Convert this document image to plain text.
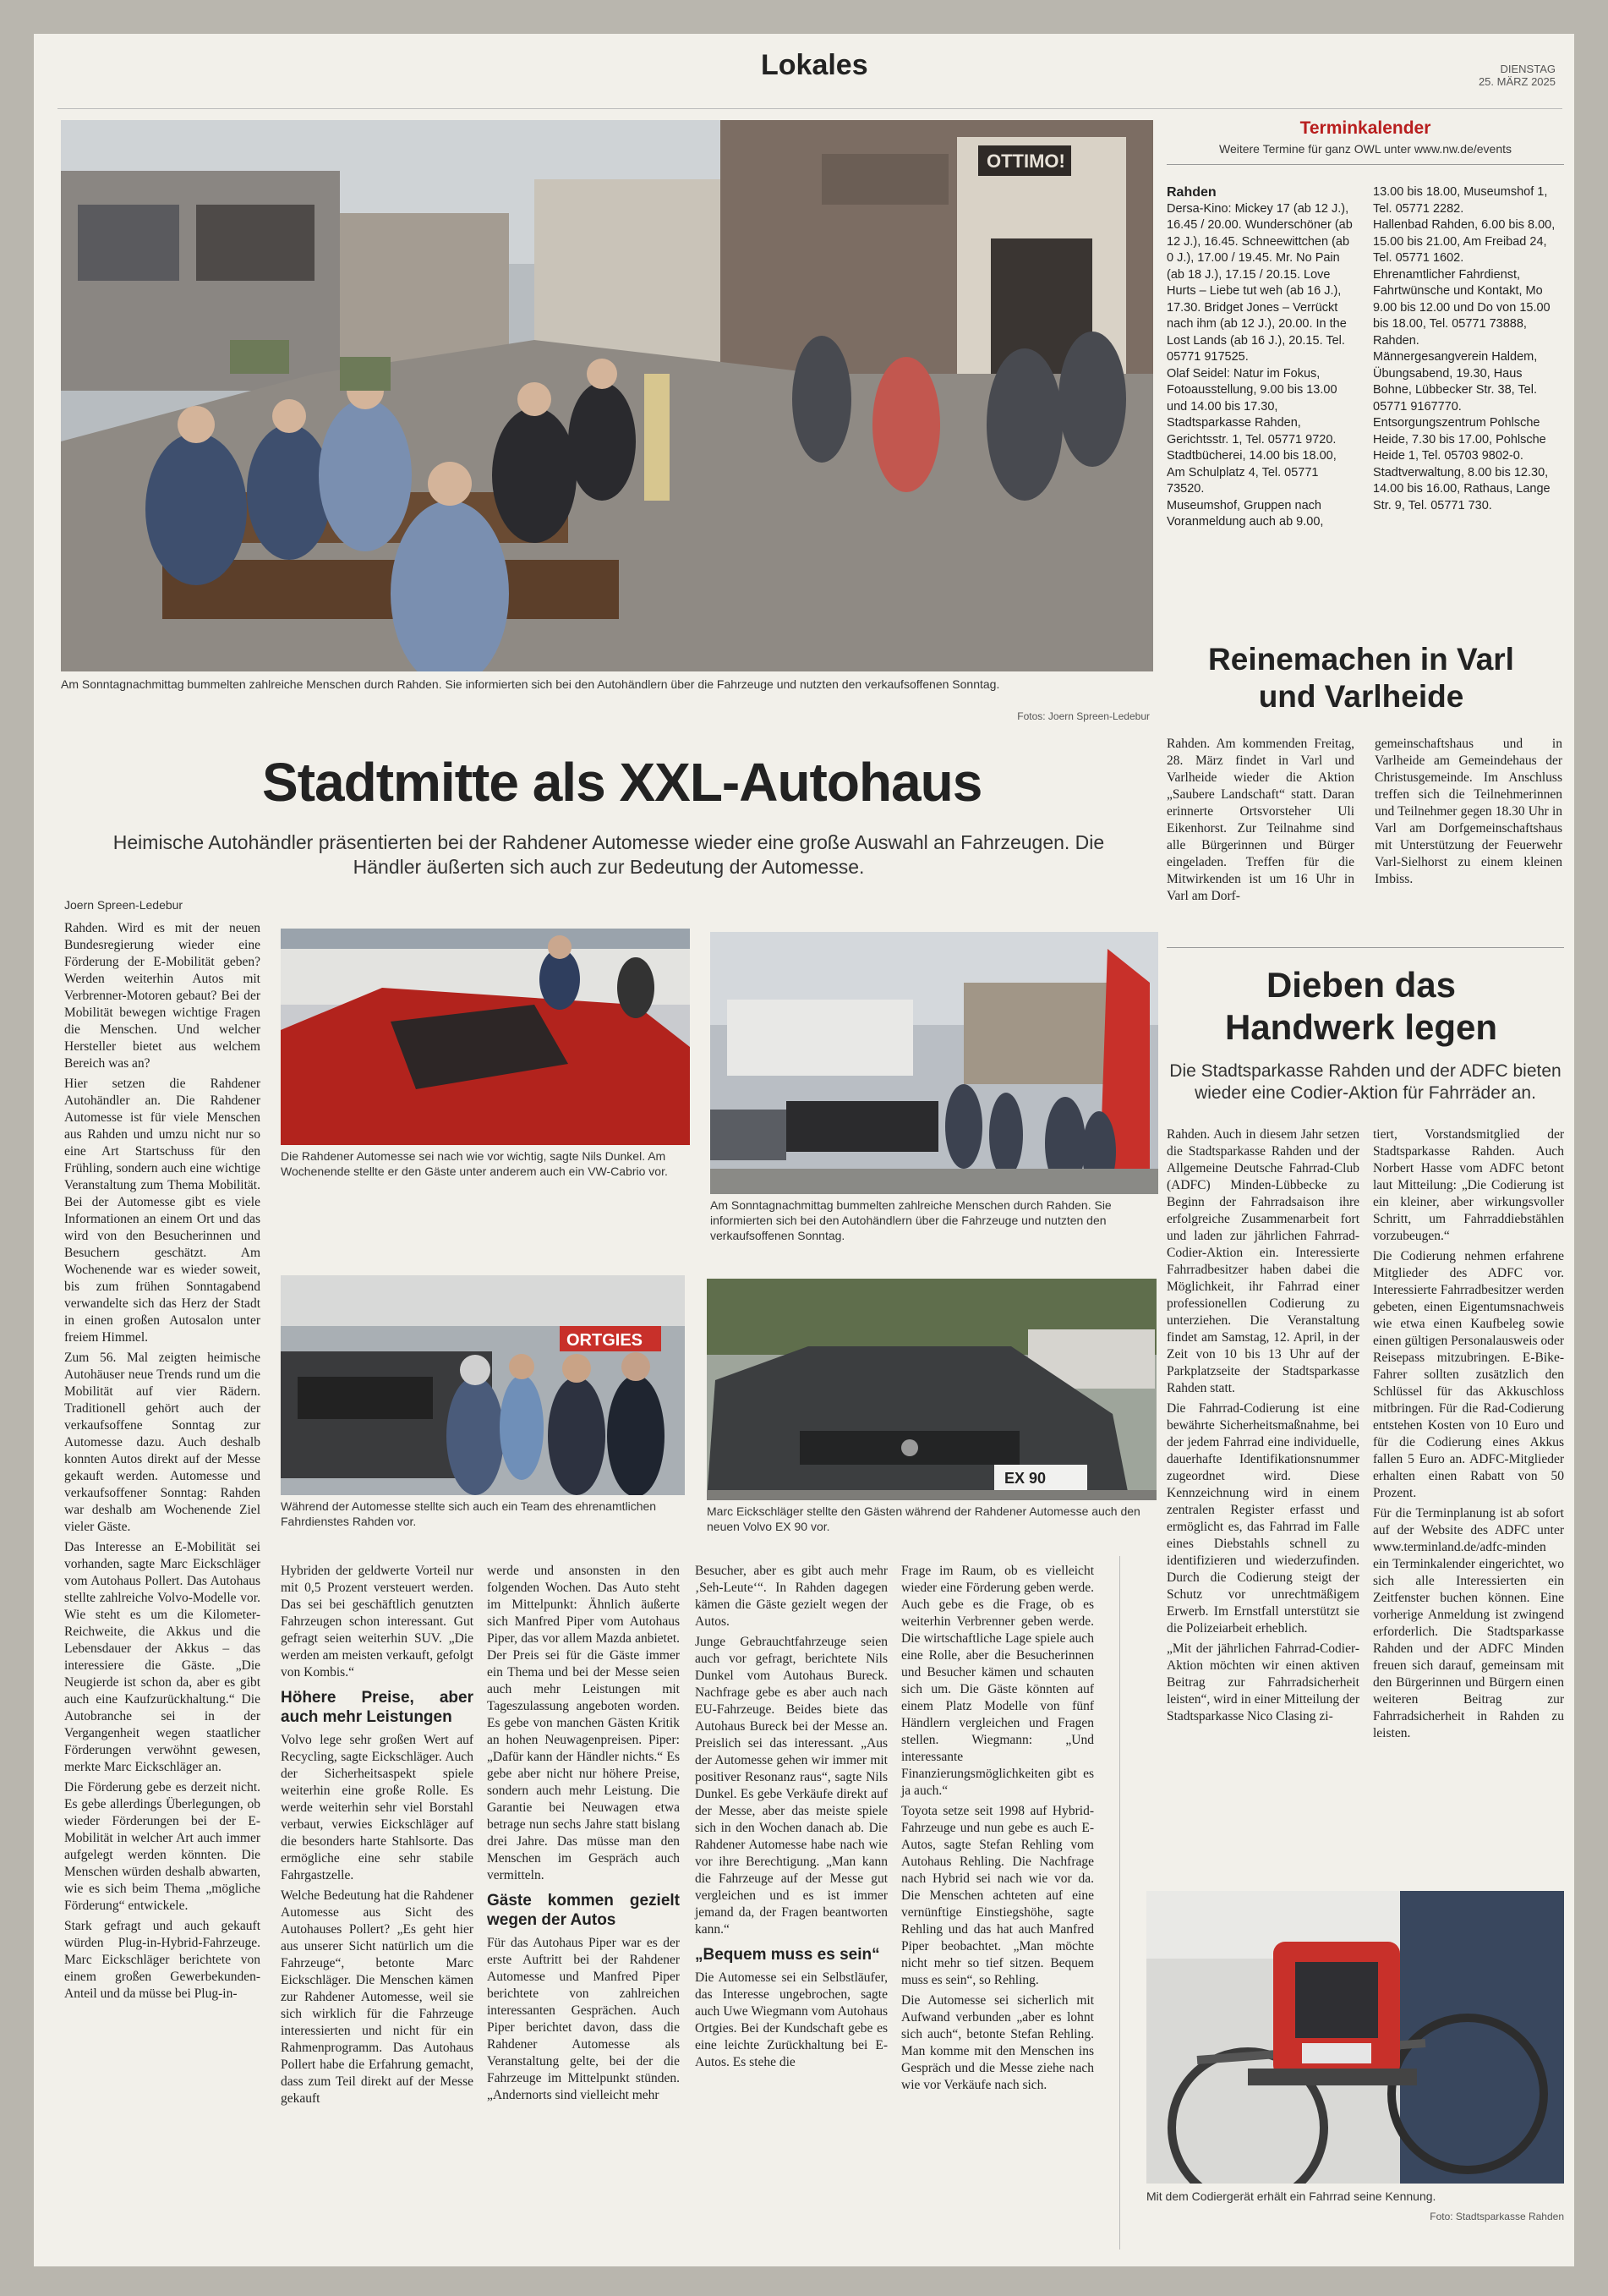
Lokales	DIENSTAG
25. MÄRZ 2025
OTTIMO!
Am Sonntagnachmittag bummelten zahlreiche Menschen durch Rahden. Sie informierten sich bei den Autohändlern über die Fahrzeuge und nutzten den verkaufsoffenen Sonntag.
Fotos: Joern Spreen-Ledebur
Stadtmitte als XXL-Autohaus
Heimische Autohändler präsentierten bei der Rahdener Automesse wieder eine große Auswahl an Fahrzeugen. Die Händler äußerten sich auch zur Bedeutung der Automesse.
Joern Spreen-Ledebur

Rahden. Wird es mit der neuen Bundesregierung wieder eine Förderung der E-Mobilität geben? Werden weiterhin Autos mit Verbrenner-Motoren gebaut? Bei der Mobilität bewegen wichtige Fragen die Menschen. Und welcher Hersteller bietet aus welchem Bereich was an?

Hier setzen die Rahdener Autohändler an. Die Rahdener Automesse ist für viele Menschen aus Rahden und umzu nicht nur so eine Art Startschuss für den Frühling, sondern auch eine wichtige Veranstaltung zum Thema Mobilität. Bei der Automesse gibt es viele Informationen an einem Ort und das wird von den Besucherinnen und Besuchern geschätzt. Am Wochenende war es wieder soweit, bis zum frühen Sonntagabend verwandelte sich das Herz der Stadt in einen großen Autosalon unter freiem Himmel.

Zum 56. Mal zeigten heimische Autohäuser neue Trends rund um die Mobilität auf vier Rädern. Traditionell gehört auch der verkaufsoffene Sonntag zur Automesse dazu. Auch deshalb konnten Autos direkt auf der Messe gekauft werden. Automesse und verkaufsoffener Sonntag: Rahden war deshalb am Wochenende Ziel vieler Gäste.

Das Interesse an E-Mobilität sei vorhanden, sagte Marc Eickschläger vom Autohaus Pollert. Das Autohaus stellte zahlreiche Volvo-Modelle vor. Wie steht es um die Kilometer-Reichweite, die Akkus und die Lebensdauer der Akkus – das interessiere die Gäste. „Die Neugierde ist schon da, aber es gibt auch eine Kaufzurückhaltung.“ Die Autobranche sei in der Vergangenheit wegen staatlicher Förderungen verwöhnt gewesen, merkte Marc Eickschläger an.

Die Förderung gebe es derzeit nicht. Es gebe allerdings Überlegungen, ob wieder Förderungen bei der E-Mobilität in welcher Art auch immer aufgelegt werden könnten. Die Menschen würden deshalb abwarten, wie es sich beim Thema „mögliche Förderung“ entwickele.

Stark gefragt und auch gekauft würden Plug-in-Hybrid-Fahrzeuge. Marc Eickschläger berichtete von einem großen Gewerbekunden-Anteil und da müsse bei Plug-in-

Die Rahdener Automesse sei nach wie vor wichtig, sagte Nils Dunkel. Am Wochenende stellte er den Gäste unter anderem auch ein VW-Cabrio vor.
Am Sonntagnachmittag bummelten zahlreiche Menschen durch Rahden. Sie informierten sich bei den Autohändlern über die Fahrzeuge und nutzten den verkaufsoffenen Sonntag.
ORTGIES
Während der Automesse stellte sich auch ein Team des ehrenamtlichen Fahrdienstes Rahden vor.
EX 90
Marc Eickschläger stellte den Gästen während der Rahdener Automesse auch den neuen Volvo EX 90 vor.

Hybriden der geldwerte Vorteil nur mit 0,5 Prozent versteuert werden. Das sei bei geschäftlich genutzten Fahrzeugen schon interessant. Gut gefragt seien weiterhin SUV. „Die werden am meisten verkauft, gefolgt von Kombis.“

Höhere Preise, aber auch mehr Leistungen

Volvo lege sehr großen Wert auf Recycling, sagte Eickschläger. Auch der Sicherheitsaspekt spiele weiterhin eine große Rolle. Es werde weiterhin sehr viel Borstahl verbaut, verwies Eickschläger auf die besonders harte Stahlsorte. Das ermögliche eine sehr stabile Fahrgastzelle.

Welche Bedeutung hat die Rahdener Automesse aus Sicht des Autohauses Pollert? „Es geht hier aus unserer Sicht natürlich um die Fahrzeuge“, betonte Marc Eickschläger. Die Menschen kämen zur Rahdener Automesse, weil sie sich wirklich für die Fahrzeuge interessierten und nicht für ein Rahmenprogramm. Das Autohaus Pollert habe die Erfahrung gemacht, dass zum Teil direkt auf der Messe gekauft

werde und ansonsten in den folgenden Wochen. Das Auto steht im Mittelpunkt: Ähnlich äußerte sich Manfred Piper vom Autohaus Piper, das vor allem Mazda anbietet. Der Preis sei für die Gäste immer ein Thema und bei der Messe seien auch mehr Leistungen mit Tageszulassung angeboten worden. Es gebe von manchen Gästen Kritik an hohen Neuwagenpreisen. Piper: „Dafür kann der Händler nichts.“ Es gebe aber nicht nur höhere Preise, sondern auch mehr Leistung. Die Garantie bei Neuwagen etwa betrage nun sechs Jahre statt bislang drei Jahre. Das müsse man den Menschen im Gespräch auch vermitteln.

Gäste kommen gezielt wegen der Autos

Für das Autohaus Piper war es der erste Auftritt bei der Rahdener Automesse und Manfred Piper berichtete von zahlreichen interessanten Gesprächen. Auch Piper berichtet davon, dass die Rahdener Automesse als Veranstaltung gelte, bei der die Fahrzeuge im Mittelpunkt stünden. „Andernorts sind vielleicht mehr

Besucher, aber es gibt auch mehr ‚Seh-Leute‘“. In Rahden dagegen kämen die Gäste gezielt wegen der Autos.

Junge Gebrauchtfahrzeuge seien auch vor gefragt, berichtete Nils Dunkel vom Autohaus Bureck. Nachfrage gebe es aber auch nach EU-Fahrzeuge. Beides biete das Autohaus Bureck bei der Messe an. Preislich sei das interessant. „Aus der Automesse gehen wir immer mit positiver Resonanz raus“, sagte Nils Dunkel. Es gebe Verkäufe direkt auf der Messe, aber das meiste spiele sich in den Wochen danach ab. Die Rahdener Automesse habe nach wie vor ihre Berechtigung. „Man kann die Fahrzeuge auf der Messe gut vergleichen und es ist immer jemand da, der Fragen beantworten kann.“

„Bequem muss es sein“

Die Automesse sei ein Selbstläufer, das Interesse ungebrochen, sagte auch Uwe Wiegmann vom Autohaus Ortgies. Bei der Kundschaft gebe es eine leichte Zurückhaltung bei E-Autos. Es stehe die

Frage im Raum, ob es vielleicht wieder eine Förderung geben werde. Auch gebe es die Frage, ob es weiterhin Verbrenner geben werde. Die wirtschaftliche Lage spiele auch eine Rolle, aber die Besucherinnen und Besucher kämen und schauten sich um. Die Gäste könnten auf einem Platz Modelle von fünf Händlern vergleichen und Fragen stellen. Wiegmann: „Und interessante Finanzierungsmöglichkeiten gibt es ja auch.“

Toyota setze seit 1998 auf Hybrid-Fahrzeuge und nun gebe es auch E-Autos, sagte Stefan Rehling vom Autohaus Rehling. Die Nachfrage nach Hybrid sei nach wie vor da. Die Menschen achteten auf eine vernünftige Einstiegshöhe, sagte Rehling und das hat auch Manfred Piper beobachtet. „Man möchte nicht mehr so tief sitzen. Bequem muss es sein“, so Rehling.

Die Automesse sei sicherlich mit Aufwand verbunden „aber es lohnt sich auch“, betonte Stefan Rehling. Man komme mit den Menschen ins Gespräch und die Messe ziehe nach wie vor Verkäufe nach sich.

Terminkalender
Weitere Termine für ganz OWL unter www.nw.de/events

Rahden

Dersa-Kino: Mickey 17 (ab 12 J.), 16.45 / 20.00. Wunderschöner (ab 12 J.), 16.45. Schneewittchen (ab 0 J.), 17.00 / 19.45. Mr. No Pain (ab 18 J.), 17.15 / 20.15. Love Hurts – Liebe tut weh (ab 16 J.), 17.30. Bridget Jones – Verrückt nach ihm (ab 12 J.), 20.00. In the Lost Lands (ab 16 J.), 20.15. Tel. 05771 917525.

Olaf Seidel: Natur im Fokus, Fotoausstellung, 9.00 bis 13.00 und 14.00 bis 17.30, Stadtsparkasse Rahden, Gerichtsstr. 1, Tel. 05771 9720.

Stadtbücherei, 14.00 bis 18.00, Am Schulplatz 4, Tel. 05771 73520.

Museumshof, Gruppen nach Voranmeldung auch ab 9.00,

13.00 bis 18.00, Museumshof 1, Tel. 05771 2282.

Hallenbad Rahden, 6.00 bis 8.00, 15.00 bis 21.00, Am Freibad 24, Tel. 05771 1602.

Ehrenamtlicher Fahrdienst, Fahrtwünsche und Kontakt, Mo 9.00 bis 12.00 und Do von 15.00 bis 18.00, Tel. 05771 73888, Rahden.

Männergesangverein Haldem, Übungsabend, 19.30, Haus Bohne, Lübbecker Str. 38, Tel. 05771 9167770.

Entsorgungszentrum Pohlsche Heide, 7.30 bis 17.00, Pohlsche Heide 1, Tel. 05703 9802-0.

Stadtverwaltung, 8.00 bis 12.30, 14.00 bis 16.00, Rathaus, Lange Str. 9, Tel. 05771 730.

Reinemachen in Varl und Varlheide
Rahden. Am kommenden Freitag, 28. März findet in Varl und Varlheide wieder die Aktion „Saubere Landschaft“ statt. Daran erinnerte Ortsvorsteher Uli Eikenhorst. Zur Teilnahme sind alle Bürgerinnen und Bürger eingeladen. Treffen für die Mitwirkenden ist um 16 Uhr in Varl am Dorf-
gemeinschaftshaus und in Varlheide am Gemeindehaus der Christusgemeinde. Im Anschluss treffen sich die Teilnehmerinnen und Teilnehmer gegen 18.30 Uhr in Varl am Dorfgemeinschaftshaus mit Unterstützung der Feuerwehr Varl-Sielhorst zu einem kleinen Imbiss.
Dieben das Handwerk legen
Die Stadtsparkasse Rahden und der ADFC bieten wieder eine Codier-Aktion für Fahrräder an.

Rahden. Auch in diesem Jahr setzen die Stadtsparkasse Rahden und der Allgemeine Deutsche Fahrrad-Club (ADFC) Minden-Lübbecke zu Beginn der Fahrradsaison ihre erfolgreiche Zusammenarbeit fort und laden zur jährlichen Fahrrad-Codier-Aktion ein. Interessierte Fahrradbesitzer haben dabei die Möglichkeit, ihr Fahrrad einer professionellen Codierung zu unterziehen. Die Veranstaltung findet am Samstag, 12. April, in der Zeit von 10 bis 13 Uhr auf der Parkplatzseite der Stadtsparkasse Rahden statt.

Die Fahrrad-Codierung ist eine bewährte Sicherheitsmaßnahme, bei der jedem Fahrrad eine individuelle, dauerhafte Identifikationsnummer zugeordnet wird. Diese Kennzeichnung wird in einem zentralen Register erfasst und ermöglicht es, das Fahrrad im Falle eines Diebstahls schnell zu identifizieren und wiederzufinden. Durch die Codierung steigt der Schutz vor unrechtmäßigem Erwerb. Im Ernstfall unterstützt sie die Polizeiarbeit erheblich.

„Mit der jährlichen Fahrrad-Codier-Aktion möchten wir einen aktiven Beitrag zur Fahrradsicherheit leisten“, wird in einer Mitteilung der Stadtsparkasse Nico Clasing zi-

tiert, Vorstandsmitglied der Stadtsparkasse Rahden. Auch Norbert Hasse vom ADFC betont laut Mitteilung: „Die Codierung ist ein kleiner, aber wirkungsvoller Schritt, um Fahrraddiebstählen vorzubeugen.“

Die Codierung nehmen erfahrene Mitglieder des ADFC vor. Interessierte Fahrradbesitzer werden gebeten, einen Eigentumsnachweis wie etwa einen Kaufbeleg sowie einen gültigen Personalausweis oder Reisepass mitzubringen. E-Bike-Fahrer sollten zusätzlich den Schlüssel für das Akkuschloss mitbringen. Für die Rad-Codierung entstehen Kosten von 10 Euro und für die Codierung eines Akkus fallen 5 Euro an. ADFC-Mitglieder erhalten einen Rabatt von 50 Prozent.

Für die Terminplanung ist ab sofort auf der Website des ADFC unter www.terminland.de/adfc-minden ein Terminkalender eingerichtet, wo sich alle Interessierten ein Zeitfenster buchen können. Eine vorherige Anmeldung ist zwingend erforderlich. Die Stadtsparkasse Rahden und der ADFC Minden freuen sich darauf, gemeinsam mit den Bürgerinnen und Bürgern einen weiteren Beitrag zur Fahrradsicherheit in Rahden zu leisten.

Mit dem Codiergerät erhält ein Fahrrad seine Kennung.
Foto: Stadtsparkasse Rahden
